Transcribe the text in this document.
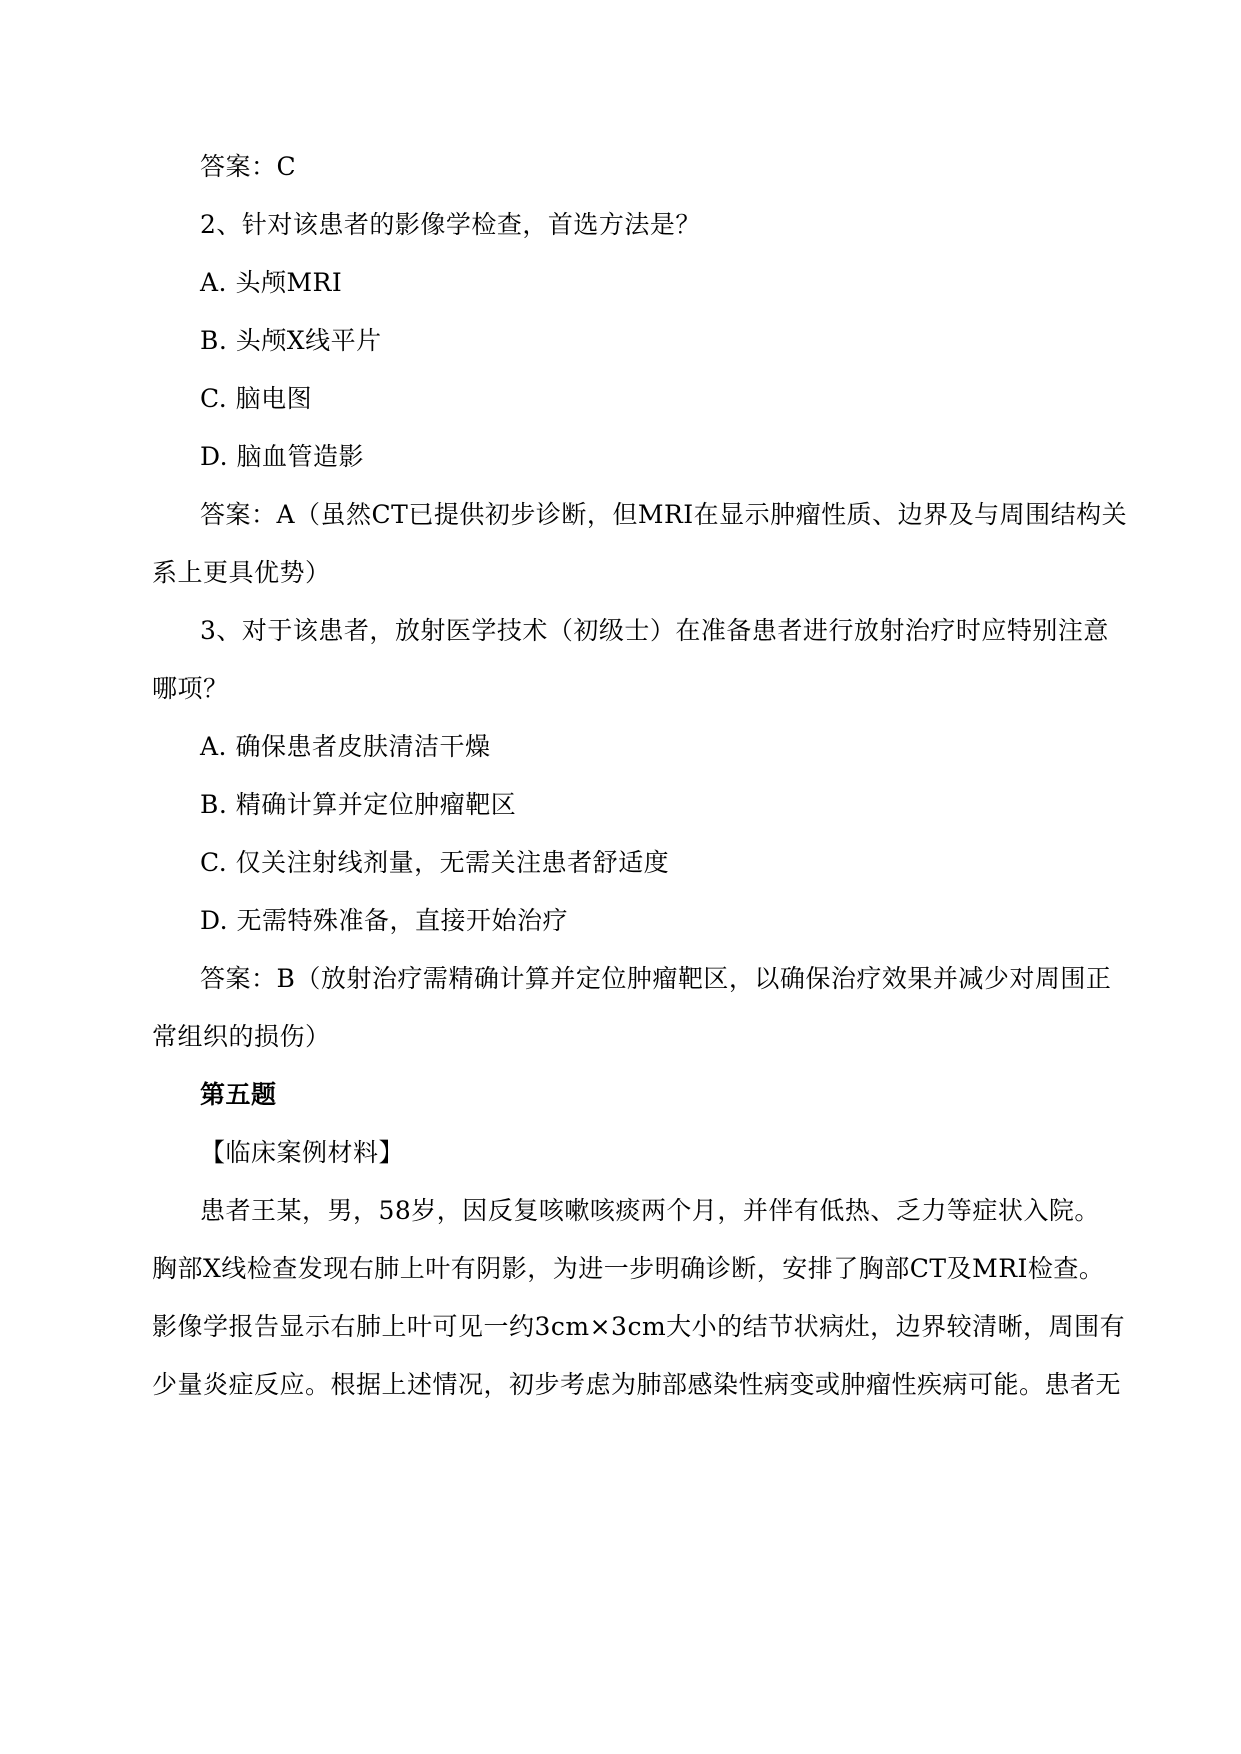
答案：C
2、针对该患者的影像学检查，首选方法是？
A. 头颅MRI
B. 头颅X线平片
C. 脑电图
D. 脑血管造影
答案：A（虽然CT已提供初步诊断，但MRI在显示肿瘤性质、边界及与周围结构关
系上更具优势）
3、对于该患者，放射医学技术（初级士）在准备患者进行放射治疗时应特别注意
哪项？
A. 确保患者皮肤清洁干燥
B. 精确计算并定位肿瘤靶区
C. 仅关注射线剂量，无需关注患者舒适度
D. 无需特殊准备，直接开始治疗
答案：B（放射治疗需精确计算并定位肿瘤靶区，以确保治疗效果并减少对周围正
常组织的损伤）
第五题
【临床案例材料】
患者王某，男，58岁，因反复咳嗽咳痰两个月，并伴有低热、乏力等症状入院。
胸部X线检查发现右肺上叶有阴影，为进一步明确诊断，安排了胸部CT及MRI检查。
影像学报告显示右肺上叶可见一约3cm×3cm大小的结节状病灶，边界较清晰，周围有
少量炎症反应。根据上述情况，初步考虑为肺部感染性病变或肿瘤性疾病可能。患者无
